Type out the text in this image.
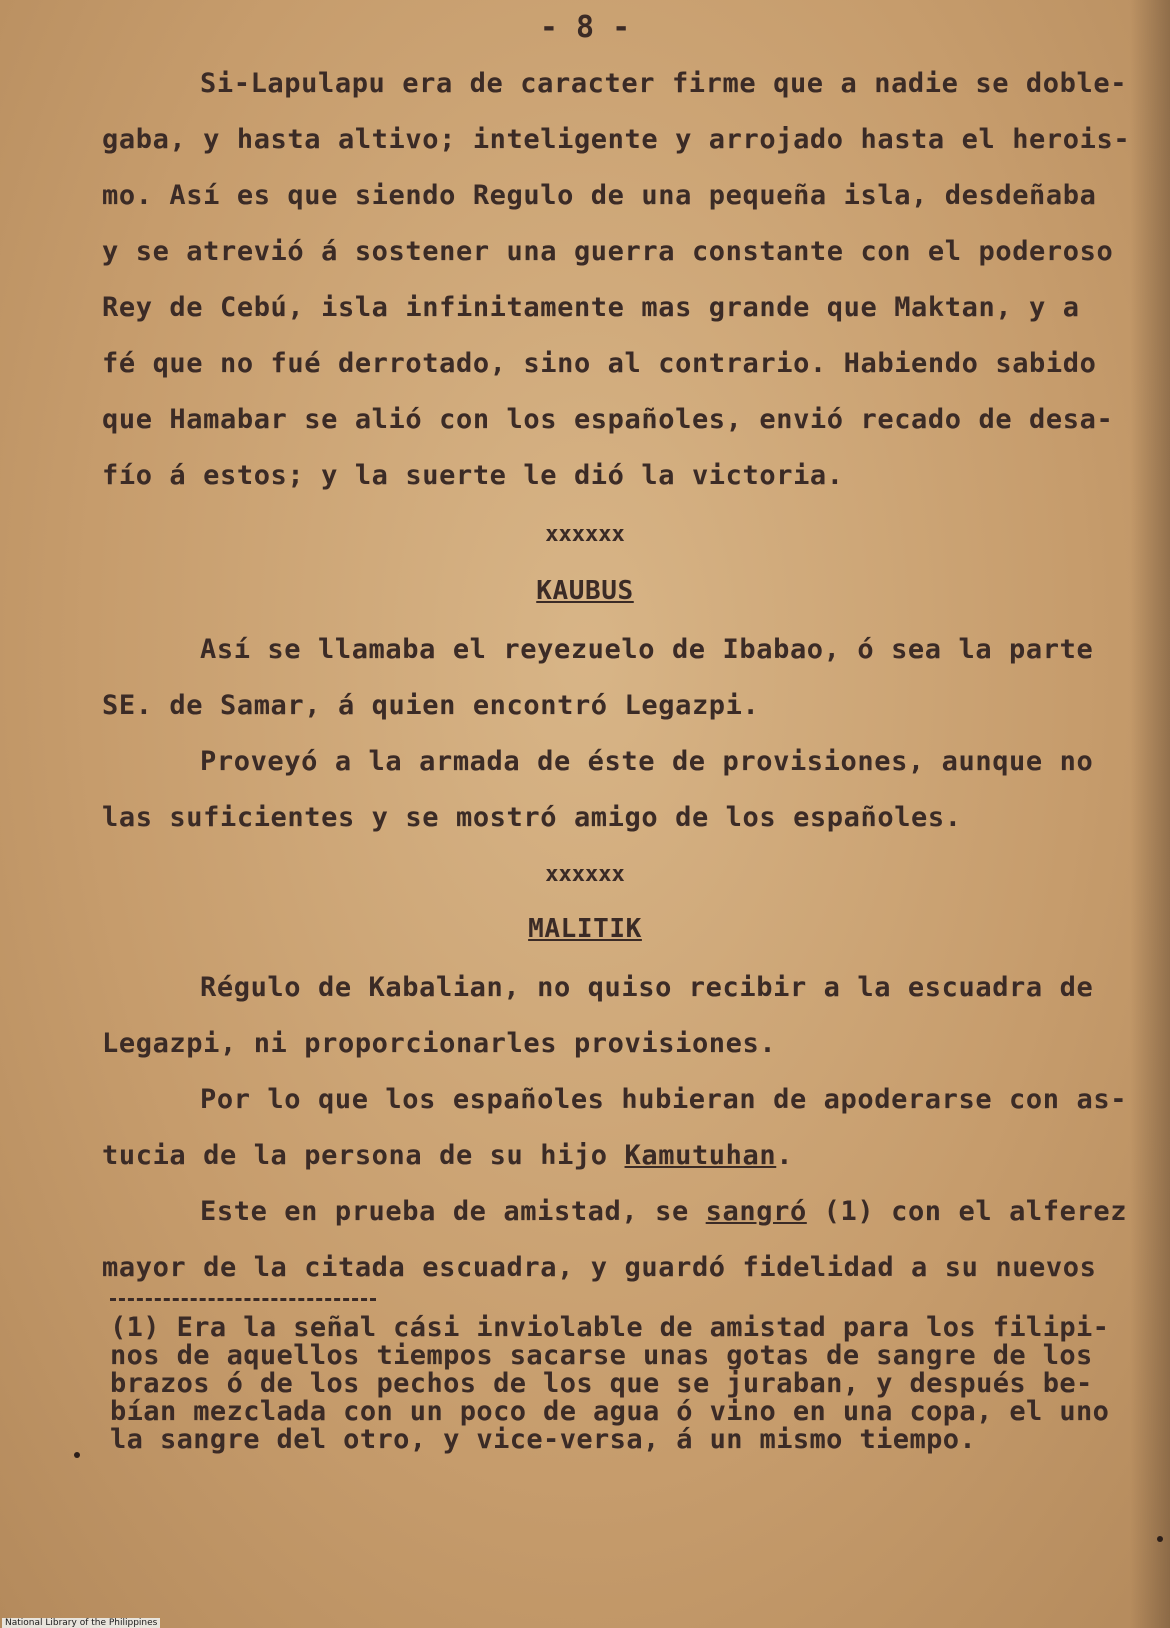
- 8 -
Si-Lapulapu era de caracter firme que a nadie se doble-
gaba, y hasta altivo; inteligente y arrojado hasta el herois-
mo. Así es que siendo Regulo de una pequeña isla, desdeñaba
y se atrevió á sostener una guerra constante con el poderoso
Rey de Cebú, isla infinitamente mas grande que Maktan, y a
fé que no fué derrotado, sino al contrario. Habiendo sabido
que Hamabar se alió con los españoles, envió recado de desa-
fío á estos; y la suerte le dió la victoria.
xxxxxx
KAUBUS
Así se llamaba el reyezuelo de Ibabao, ó sea la parte
SE. de Samar, á quien encontró Legazpi.
Proveyó a la armada de éste de provisiones, aunque no
las suficientes y se mostró amigo de los españoles.
xxxxxx
MALITIK
Régulo de Kabalian, no quiso recibir a la escuadra de
Legazpi, ni proporcionarles provisiones.
Por lo que los españoles hubieran de apoderarse con as-
tucia de la persona de su hijo Kamutuhan.
Este en prueba de amistad, se sangró (1) con el alferez
mayor de la citada escuadra, y guardó fidelidad a su nuevos
(1) Era la señal cási inviolable de amistad para los filipi-
nos de aquellos tiempos sacarse unas gotas de sangre de los
brazos ó de los pechos de los que se juraban, y después be-
bían mezclada con un poco de agua ó vino en una copa, el uno
la sangre del otro, y vice-versa, á un mismo tiempo.
National Library of the Philippines
